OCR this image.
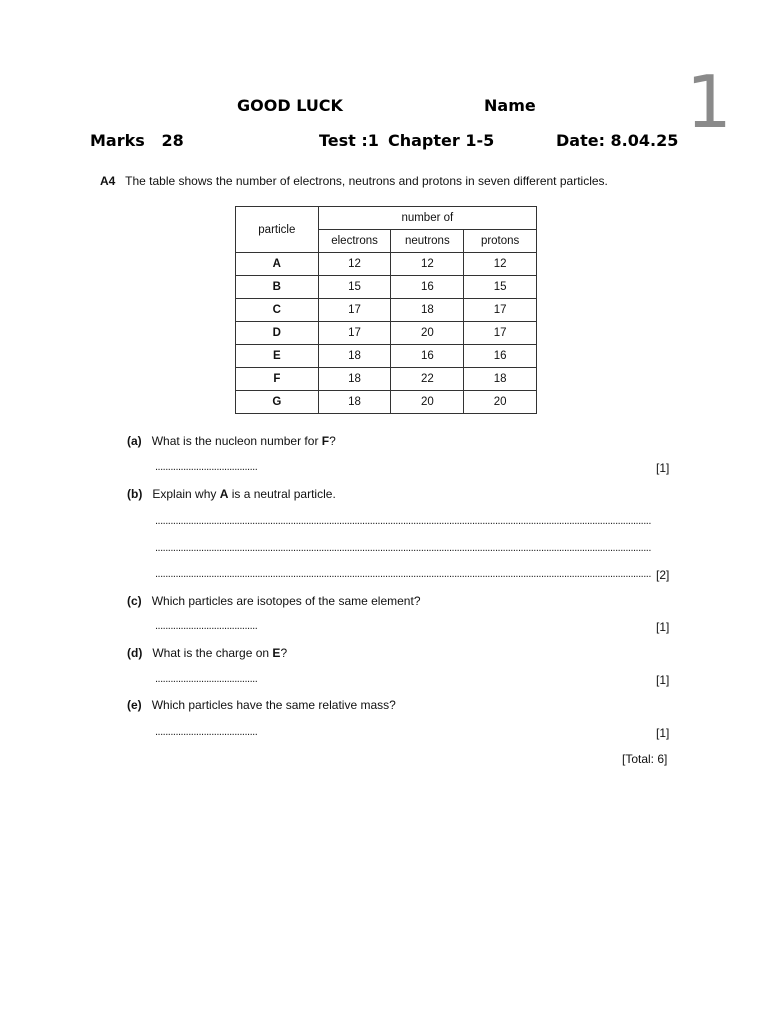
1
GOOD LUCK	Name
Marks   28	Test :1 Chapter 1-5	Date: 8.04.25
A4 The table shows the number of electrons, neutrons and protons in seven different particles.
particle	number of		
	electrons	neutrons	protons
A	12	12	12
B	15	16	15
C	17	18	17
D	17	20	17
E	18	16	16
F	18	22	18
G	18	20	20
(a) What is the nucleon number for F?
........................................	[1]
(b) Explain why A is a neutral particle.
..................................................................................................................................................................................................
..................................................................................................................................................................................................
.................................................................................................................................................................................................. [2]
(c) Which particles are isotopes of the same element?
........................................	[1]
(d) What is the charge on E?
........................................	[1]
(e) Which particles have the same relative mass?
........................................	[1]
[Total: 6]
